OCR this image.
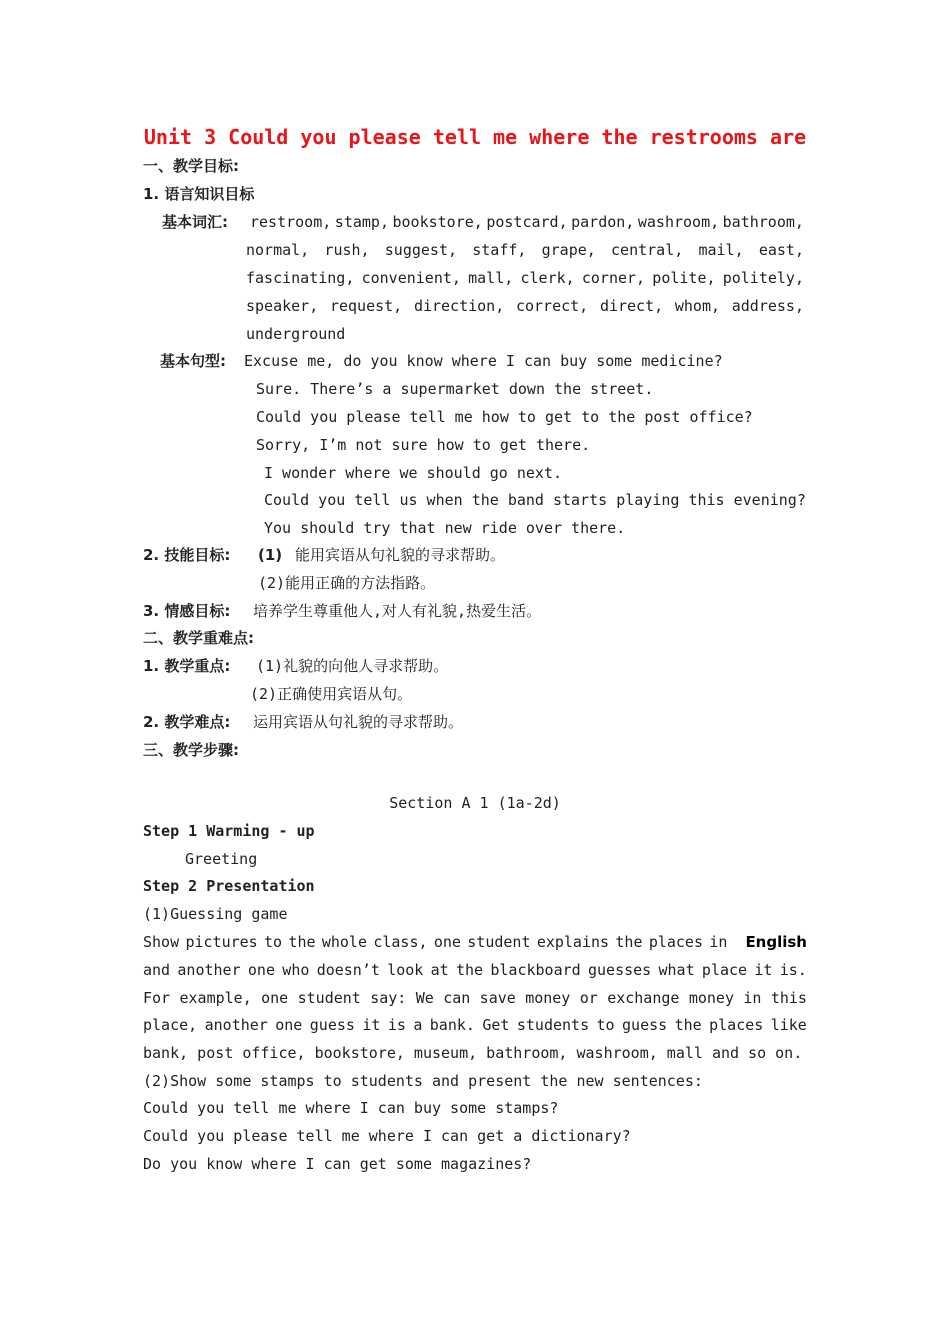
Unit 3 Could you please tell me where the restrooms are
一、教学目标:
1. 语言知识目标
基本词汇: restroom, stamp, bookstore, postcard, pardon, washroom, bathroom,
normal, rush, suggest, staff, grape, central, mail, east,
fascinating, convenient, mall, clerk, corner, polite, politely,
speaker, request, direction, correct, direct, whom, address,
underground
基本句型: Excuse me, do you know where I can buy some medicine?
Sure. There’s a supermarket down the street.
Could you please tell me how to get to the post office?
Sorry, I’m not sure how to get there.
I wonder where we should go next.
Could you tell us when the band starts playing this evening?
You should try that new ride over there.
2. 技能目标: (1) 能用宾语从句礼貌的寻求帮助。
(2)能用正确的方法指路。
3. 情感目标: 培养学生尊重他人,对人有礼貌,热爱生活。
二、教学重难点:
1. 教学重点: (1)礼貌的向他人寻求帮助。
(2)正确使用宾语从句。
2. 教学难点: 运用宾语从句礼貌的寻求帮助。
三、教学步骤:
Section A 1 (1a-2d)
Step 1 Warming - up
Greeting
Step 2 Presentation
(1)Guessing game
Show pictures to the whole class, one student explains the places in English
and another one who doesn’t look at the blackboard guesses what place it is.
For example, one student say: We can save money or exchange money in this
place, another one guess it is a bank. Get students to guess the places like
bank, post office, bookstore, museum, bathroom, washroom, mall and so on.
(2)Show some stamps to students and present the new sentences:
Could you tell me where I can buy some stamps?
Could you please tell me where I can get a dictionary?
Do you know where I can get some magazines?
